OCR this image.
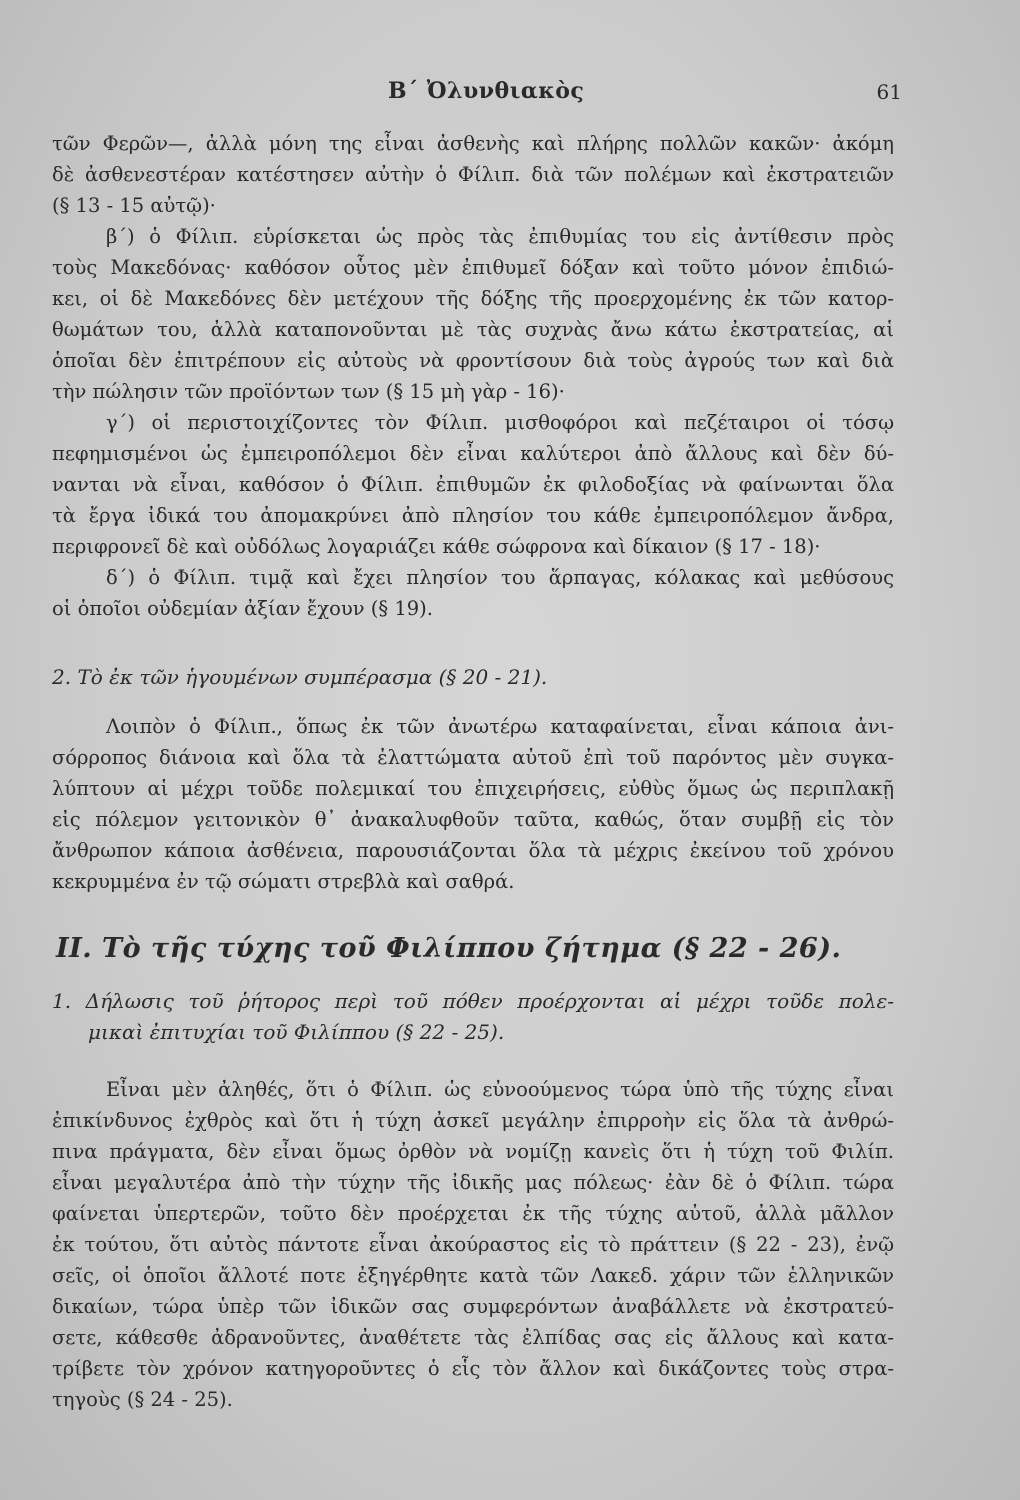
Β΄ Ὀλυνθιακὸς	61
τῶν Φερῶν—, ἀλλὰ μόνη της εἶναι ἀσθενὴς καὶ πλήρης πολλῶν κακῶν· ἀκόμη
δὲ ἀσθενεστέραν κατέστησεν αὐτὴν ὁ Φίλιπ. διὰ τῶν πολέμων καὶ ἐκστρατειῶν
(§ 13 - 15 αὐτῷ)·
β΄) ὁ Φίλιπ. εὑρίσκεται ὡς πρὸς τὰς ἐπιθυμίας του εἰς ἀντίθεσιν πρὸς
τοὺς Μακεδόνας· καθόσον οὗτος μὲν ἐπιθυμεῖ δόξαν καὶ τοῦτο μόνον ἐπιδιώ-
κει, οἱ δὲ Μακεδόνες δὲν μετέχουν τῆς δόξης τῆς προερχομένης ἐκ τῶν κατορ-
θωμάτων του, ἀλλὰ καταπονοῦνται μὲ τὰς συχνὰς ἄνω κάτω ἐκστρατείας, αἱ
ὁποῖαι δὲν ἐπιτρέπουν εἰς αὐτοὺς νὰ φροντίσουν διὰ τοὺς ἀγρούς των καὶ διὰ
τὴν πώλησιν τῶν προϊόντων των (§ 15 μὴ γὰρ - 16)·
γ΄) οἱ περιστοιχίζοντες τὸν Φίλιπ. μισθοφόροι καὶ πεζέταιροι οἱ τόσῳ
πεφημισμένοι ὡς ἐμπειροπόλεμοι δὲν εἶναι καλύτεροι ἀπὸ ἄλλους καὶ δὲν δύ-
νανται νὰ εἶναι, καθόσον ὁ Φίλιπ. ἐπιθυμῶν ἐκ φιλοδοξίας νὰ φαίνωνται ὅλα
τὰ ἔργα ἰδικά του ἀπομακρύνει ἀπὸ πλησίον του κάθε ἐμπειροπόλεμον ἄνδρα,
περιφρονεῖ δὲ καὶ οὐδόλως λογαριάζει κάθε σώφρονα καὶ δίκαιον (§ 17 - 18)·
δ΄) ὁ Φίλιπ. τιμᾷ καὶ ἔχει πλησίον του ἅρπαγας, κόλακας καὶ μεθύσους
οἱ ὁποῖοι οὐδεμίαν ἀξίαν ἔχουν (§ 19).
2. Τὸ ἐκ τῶν ἡγουμένων συμπέρασμα (§ 20 - 21).
Λοιπὸν ὁ Φίλιπ., ὅπως ἐκ τῶν ἀνωτέρω καταφαίνεται, εἶναι κάποια ἀνι-
σόρροπος διάνοια καὶ ὅλα τὰ ἐλαττώματα αὐτοῦ ἐπὶ τοῦ παρόντος μὲν συγκα-
λύπτουν αἱ μέχρι τοῦδε πολεμικαί του ἐπιχειρήσεις, εὐθὺς ὅμως ὡς περιπλακῇ
εἰς πόλεμον γειτονικὸν θ᾽ ἀνακαλυφθοῦν ταῦτα, καθώς, ὅταν συμβῇ εἰς τὸν
ἄνθρωπον κάποια ἀσθένεια, παρουσιάζονται ὅλα τὰ μέχρις ἐκείνου τοῦ χρόνου
κεκρυμμένα ἐν τῷ σώματι στρεβλὰ καὶ σαθρά.
ΙΙ. Τὸ τῆς τύχης τοῦ Φιλίππου ζήτημα (§ 22 - 26).
1. Δήλωσις τοῦ ῥήτορος περὶ τοῦ πόθεν προέρχονται αἱ μέχρι τοῦδε πολε-
μικαὶ ἐπιτυχίαι τοῦ Φιλίππου (§ 22 - 25).
Εἶναι μὲν ἀληθές, ὅτι ὁ Φίλιπ. ὡς εὐνοούμενος τώρα ὑπὸ τῆς τύχης εἶναι
ἐπικίνδυνος ἐχθρὸς καὶ ὅτι ἡ τύχη ἀσκεῖ μεγάλην ἐπιρροὴν εἰς ὅλα τὰ ἀνθρώ-
πινα πράγματα, δὲν εἶναι ὅμως ὀρθὸν νὰ νομίζῃ κανεὶς ὅτι ἡ τύχη τοῦ Φιλίπ.
εἶναι μεγαλυτέρα ἀπὸ τὴν τύχην τῆς ἰδικῆς μας πόλεως· ἐὰν δὲ ὁ Φίλιπ. τώρα
φαίνεται ὑπερτερῶν, τοῦτο δὲν προέρχεται ἐκ τῆς τύχης αὐτοῦ, ἀλλὰ μᾶλλον
ἐκ τούτου, ὅτι αὐτὸς πάντοτε εἶναι ἀκούραστος εἰς τὸ πράττειν (§ 22 - 23), ἐνῷ
σεῖς, οἱ ὁποῖοι ἄλλοτέ ποτε ἐξηγέρθητε κατὰ τῶν Λακεδ. χάριν τῶν ἑλληνικῶν
δικαίων, τώρα ὑπὲρ τῶν ἰδικῶν σας συμφερόντων ἀναβάλλετε νὰ ἐκστρατεύ-
σετε, κάθεσθε ἀδρανοῦντες, ἀναθέτετε τὰς ἐλπίδας σας εἰς ἄλλους καὶ κατα-
τρίβετε τὸν χρόνον κατηγοροῦντες ὁ εἷς τὸν ἄλλον καὶ δικάζοντες τοὺς στρα-
τηγοὺς (§ 24 - 25).
